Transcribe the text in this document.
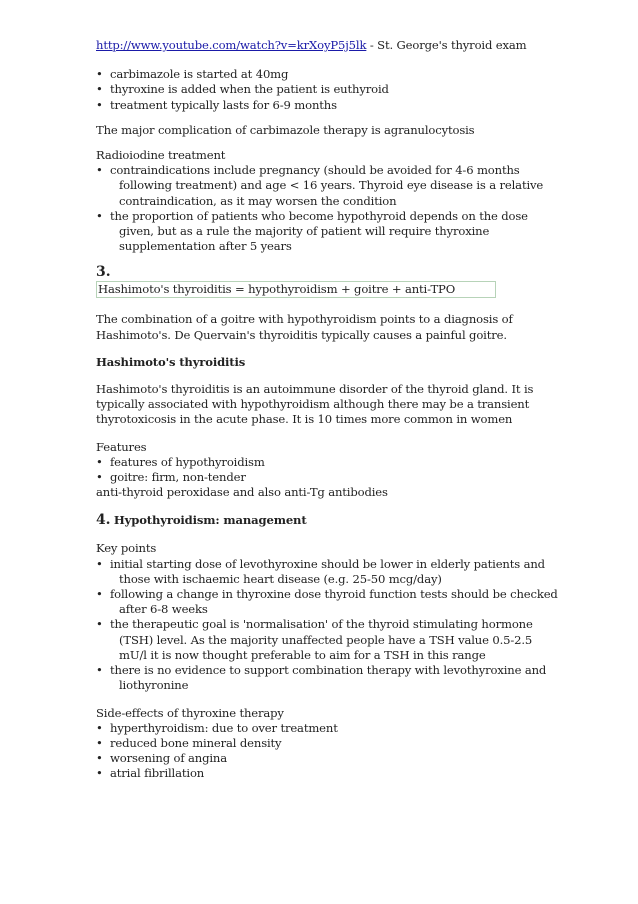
http://www.youtube.com/watch?v=krXoyP5j5lk - St. George's thyroid exam

• carbimazole is started at 40mg

• thyroxine is added when the patient is euthyroid

• treatment typically lasts for 6-9 months

The major complication of carbimazole therapy is agranulocytosis

Radioiodine treatment

• contraindications include pregnancy (should be avoided for 4-6 months

following treatment) and age < 16 years. Thyroid eye disease is a relative

contraindication, as it may worsen the condition

• the proportion of patients who become hypothyroid depends on the dose

given, but as a rule the majority of patient will require thyroxine

supplementation after 5 years

3.

Hashimoto's thyroiditis = hypothyroidism + goitre + anti-TPO

The combination of a goitre with hypothyroidism points to a diagnosis of

Hashimoto's. De Quervain's thyroiditis typically causes a painful goitre.

Hashimoto's thyroiditis

Hashimoto's thyroiditis is an autoimmune disorder of the thyroid gland. It is

typically associated with hypothyroidism although there may be a transient

thyrotoxicosis in the acute phase. It is 10 times more common in women

Features

• features of hypothyroidism

• goitre: firm, non-tender

anti-thyroid peroxidase and also anti-Tg antibodies

4. Hypothyroidism: management

Key points

• initial starting dose of levothyroxine should be lower in elderly patients and

those with ischaemic heart disease (e.g. 25-50 mcg/day)

• following a change in thyroxine dose thyroid function tests should be checked

after 6-8 weeks

• the therapeutic goal is 'normalisation' of the thyroid stimulating hormone

(TSH) level. As the majority unaffected people have a TSH value 0.5-2.5

mU/l it is now thought preferable to aim for a TSH in this range

• there is no evidence to support combination therapy with levothyroxine and

liothyronine

Side-effects of thyroxine therapy

• hyperthyroidism: due to over treatment

• reduced bone mineral density

• worsening of angina

• atrial fibrillation
